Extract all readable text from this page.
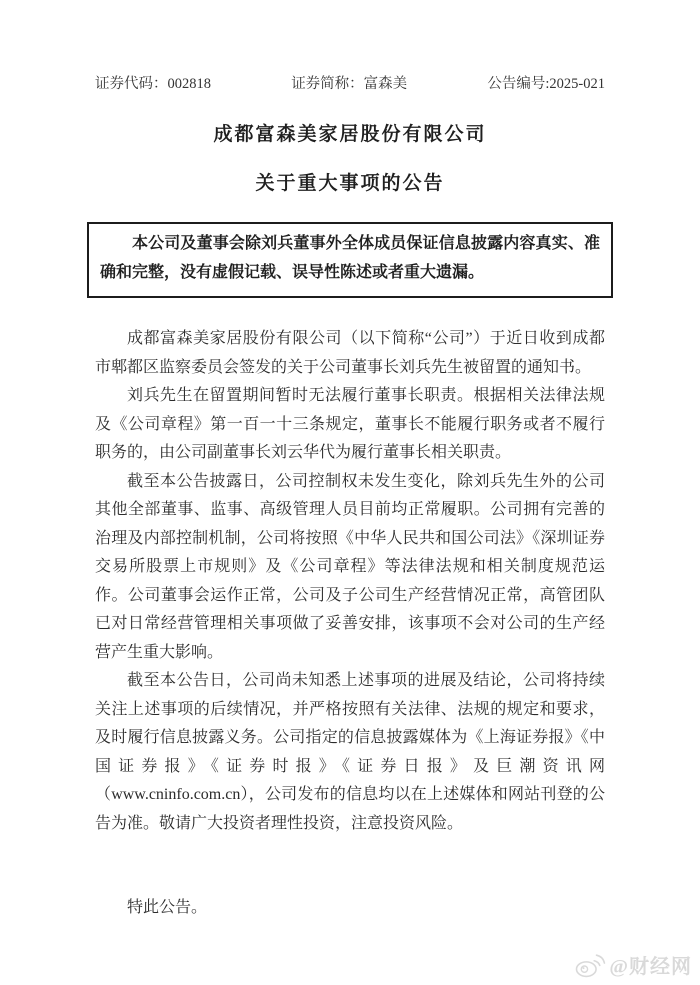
证券代码：002818	证券简称：富森美	公告编号:2025-021
成都富森美家居股份有限公司
关于重大事项的公告

本公司及董事会除刘兵董事外全体成员保证信息披露内容真实、准确和完整，没有虚假记载、误导性陈述或者重大遗漏。

成都富森美家居股份有限公司（以下简称“公司”）于近日收到成都市郫都区监察委员会签发的关于公司董事长刘兵先生被留置的通知书。

刘兵先生在留置期间暂时无法履行董事长职责。根据相关法律法规及《公司章程》第一百一十三条规定，董事长不能履行职务或者不履行职务的，由公司副董事长刘云华代为履行董事长相关职责。

截至本公告披露日，公司控制权未发生变化，除刘兵先生外的公司其他全部董事、监事、高级管理人员目前均正常履职。公司拥有完善的治理及内部控制机制，公司将按照《中华人民共和国公司法》《深圳证券交易所股票上市规则》及《公司章程》等法律法规和相关制度规范运作。公司董事会运作正常，公司及子公司生产经营情况正常，高管团队已对日常经营管理相关事项做了妥善安排，该事项不会对公司的生产经营产生重大影响。

截至本公告日，公司尚未知悉上述事项的进展及结论，公司将持续关注上述事项的后续情况，并严格按照有关法律、法规的规定和要求，及时履行信息披露义务。公司指定的信息披露媒体为《上海证券报》《中国证券报》《证券时报》《证券日报》及巨潮资讯网（www.cninfo.com.cn），公司发布的信息均以在上述媒体和网站刊登的公告为准。敬请广大投资者理性投资，注意投资风险。

特此公告。

@财经网
